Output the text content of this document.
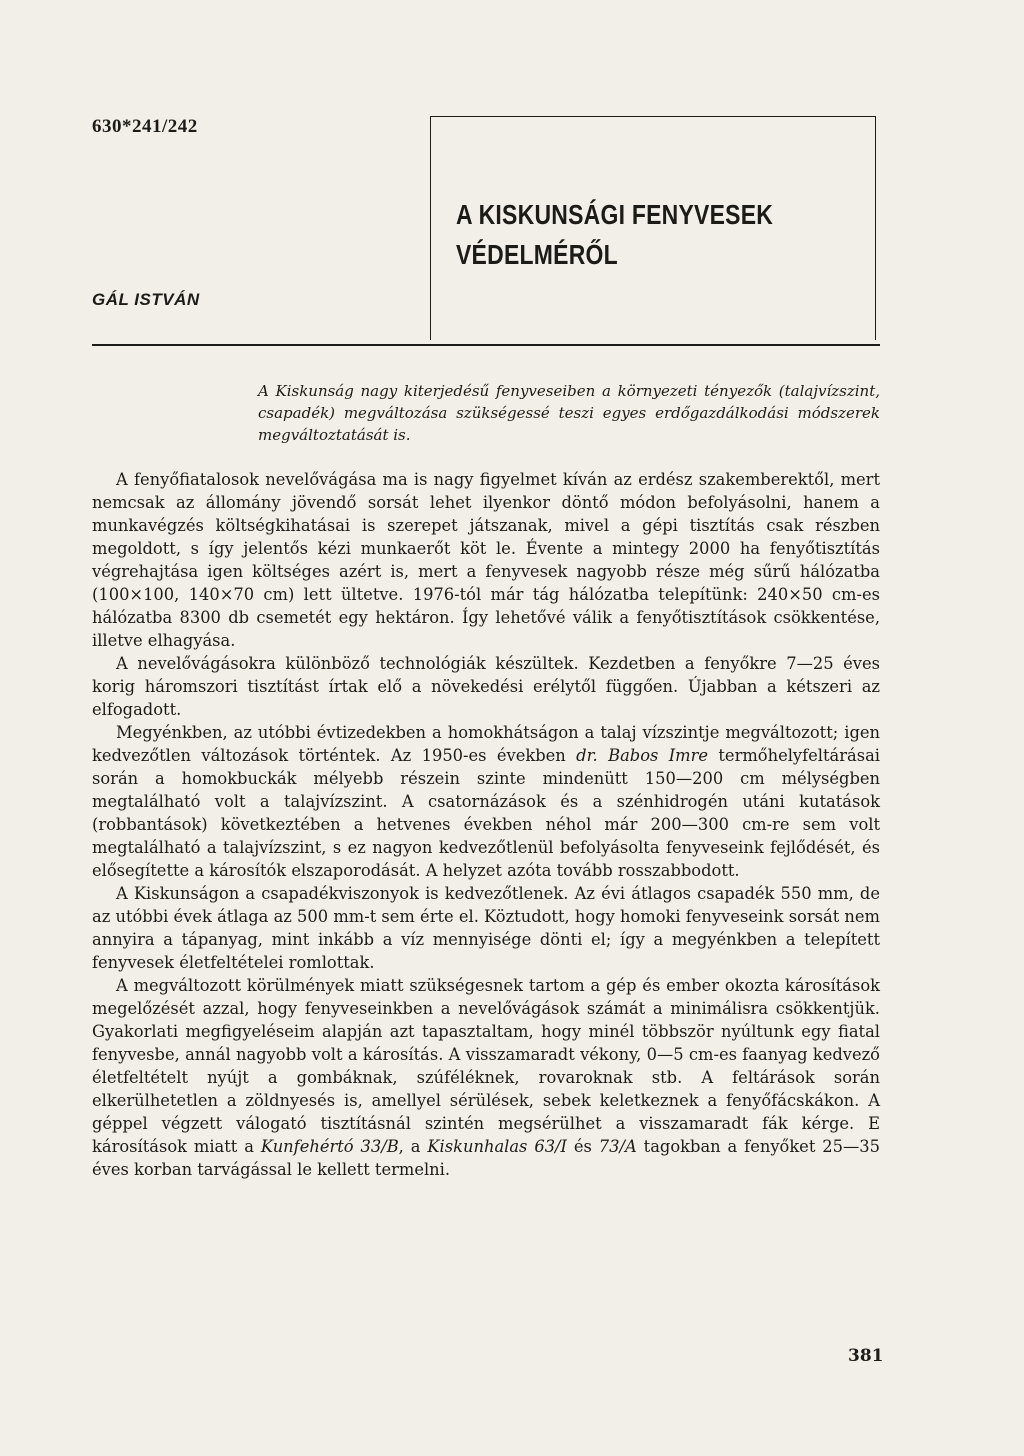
630*241/242
GÁL ISTVÁN
A KISKUNSÁGI FENYVESEK
VÉDELMÉRŐL

A Kiskunság nagy kiterjedésű fenyveseiben a környezeti tényezők (talajvízszint, csapadék) megváltozása szükségessé teszi egyes erdőgazdálkodási módszerek megváltoztatását is.

A fenyőfiatalosok nevelővágása ma is nagy figyelmet kíván az erdész szakemberektől, mert nemcsak az állomány jövendő sorsát lehet ilyenkor döntő módon befolyásolni, hanem a munkavégzés költségkihatásai is szerepet játszanak, mivel a gépi tisztítás csak részben megoldott, s így jelentős kézi munkaerőt köt le. Évente a mintegy 2000 ha fenyőtisztítás végrehajtása igen költséges azért is, mert a fenyvesek nagyobb része még sűrű hálózatba (100×100, 140×70 cm) lett ültetve. 1976-tól már tág hálózatba telepítünk: 240×50 cm-es hálózatba 8300 db csemetét egy hektáron. Így lehetővé válik a fenyőtisztítások csökkentése, illetve elhagyása.

A nevelővágásokra különböző technológiák készültek. Kezdetben a fenyőkre 7—25 éves korig háromszori tisztítást írtak elő a növekedési erélytől függően. Újabban a kétszeri az elfogadott.

Megyénkben, az utóbbi évtizedekben a homokhátságon a talaj vízszintje megváltozott; igen kedvezőtlen változások történtek. Az 1950-es években dr. Babos Imre termőhelyfeltárásai során a homokbuckák mélyebb részein szinte mindenütt 150—200 cm mélységben megtalálható volt a talajvízszint. A csatornázások és a szénhidrogén utáni kutatások (robbantások) következtében a hetvenes években néhol már 200—300 cm-re sem volt megtalálható a talajvízszint, s ez nagyon kedvezőtlenül befolyásolta fenyveseink fejlődését, és elősegítette a károsítók elszaporodását. A helyzet azóta tovább rosszabbodott.

A Kiskunságon a csapadékviszonyok is kedvezőtlenek. Az évi átlagos csapadék 550 mm, de az utóbbi évek átlaga az 500 mm-t sem érte el. Köztudott, hogy homoki fenyveseink sorsát nem annyira a tápanyag, mint inkább a víz mennyisége dönti el; így a megyénkben a telepített fenyvesek életfeltételei romlottak.

A megváltozott körülmények miatt szükségesnek tartom a gép és ember okozta károsítások megelőzését azzal, hogy fenyveseinkben a nevelővágások számát a minimálisra csökkentjük. Gyakorlati megfigyeléseim alapján azt tapasztaltam, hogy minél többször nyúltunk egy fiatal fenyvesbe, annál nagyobb volt a károsítás. A visszamaradt vékony, 0—5 cm-es faanyag kedvező életfeltételt nyújt a gombáknak, szúféléknek, rovaroknak stb. A feltárások során elkerülhetetlen a zöldnyesés is, amellyel sérülések, sebek keletkeznek a fenyőfácskákon. A géppel végzett válogató tisztításnál szintén megsérülhet a visszamaradt fák kérge. E károsítások miatt a Kunfehértó 33/B, a Kiskunhalas 63/I és 73/A tagokban a fenyőket 25—35 éves korban tarvágással le kellett termelni.

381
